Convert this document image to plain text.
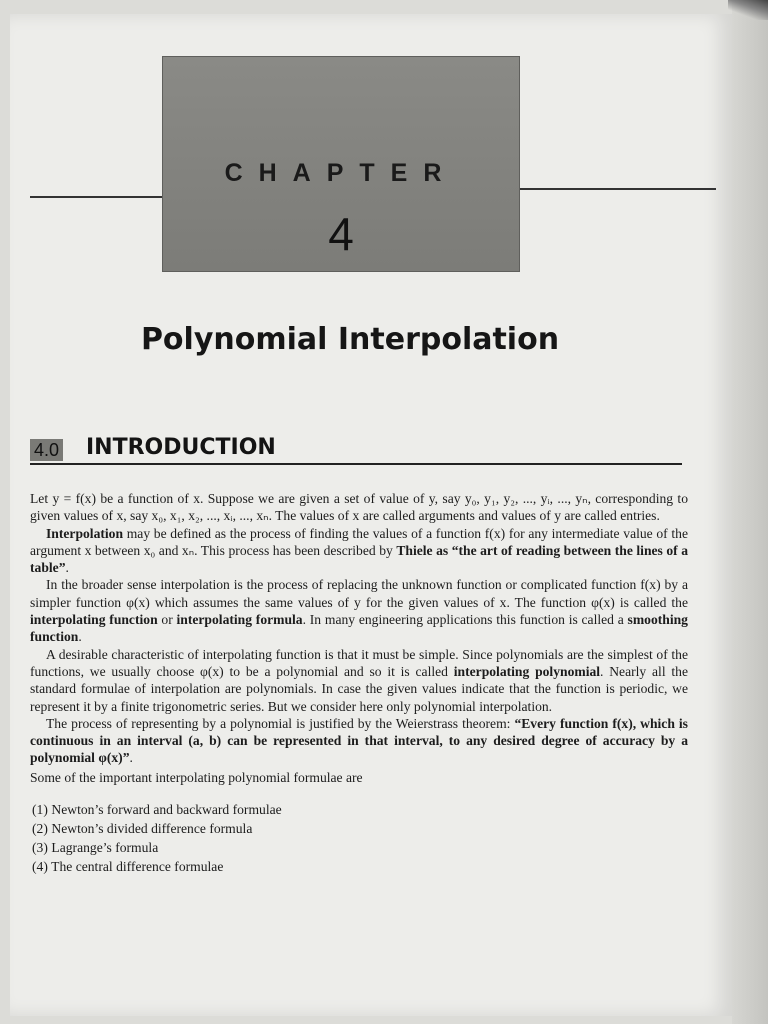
CHAPTER
4
Polynomial Interpolation
4.0 INTRODUCTION

Let y = f(x) be a function of x. Suppose we are given a set of value of y, say y₀, y₁, y₂, ..., yᵢ, ..., yₙ, corresponding to given values of x, say x₀, x₁, x₂, ..., xᵢ, ..., xₙ. The values of x are called arguments and values of y are called entries.

Interpolation may be defined as the process of finding the values of a function f(x) for any intermediate value of the argument x between x₀ and xₙ. This process has been described by Thiele as “the art of reading between the lines of a table”.

In the broader sense interpolation is the process of replacing the unknown function or complicated function f(x) by a simpler function φ(x) which assumes the same values of y for the given values of x. The function φ(x) is called the interpolating function or interpolating formula. In many engineering applications this function is called a smoothing function.

A desirable characteristic of interpolating function is that it must be simple. Since polynomials are the simplest of the functions, we usually choose φ(x) to be a polynomial and so it is called interpolating polynomial. Nearly all the standard formulae of interpolation are polynomials. In case the given values indicate that the function is periodic, we represent it by a finite trigonometric series. But we consider here only polynomial interpolation.

The process of representing by a polynomial is justified by the Weierstrass theorem: “Every function f(x), which is continuous in an interval (a, b) can be represented in that interval, to any desired degree of accuracy by a polynomial φ(x)”.

Some of the important interpolating polynomial formulae are

(1) Newton’s forward and backward formulae
(2) Newton’s divided difference formula
(3) Lagrange’s formula
(4) The central difference formulae
